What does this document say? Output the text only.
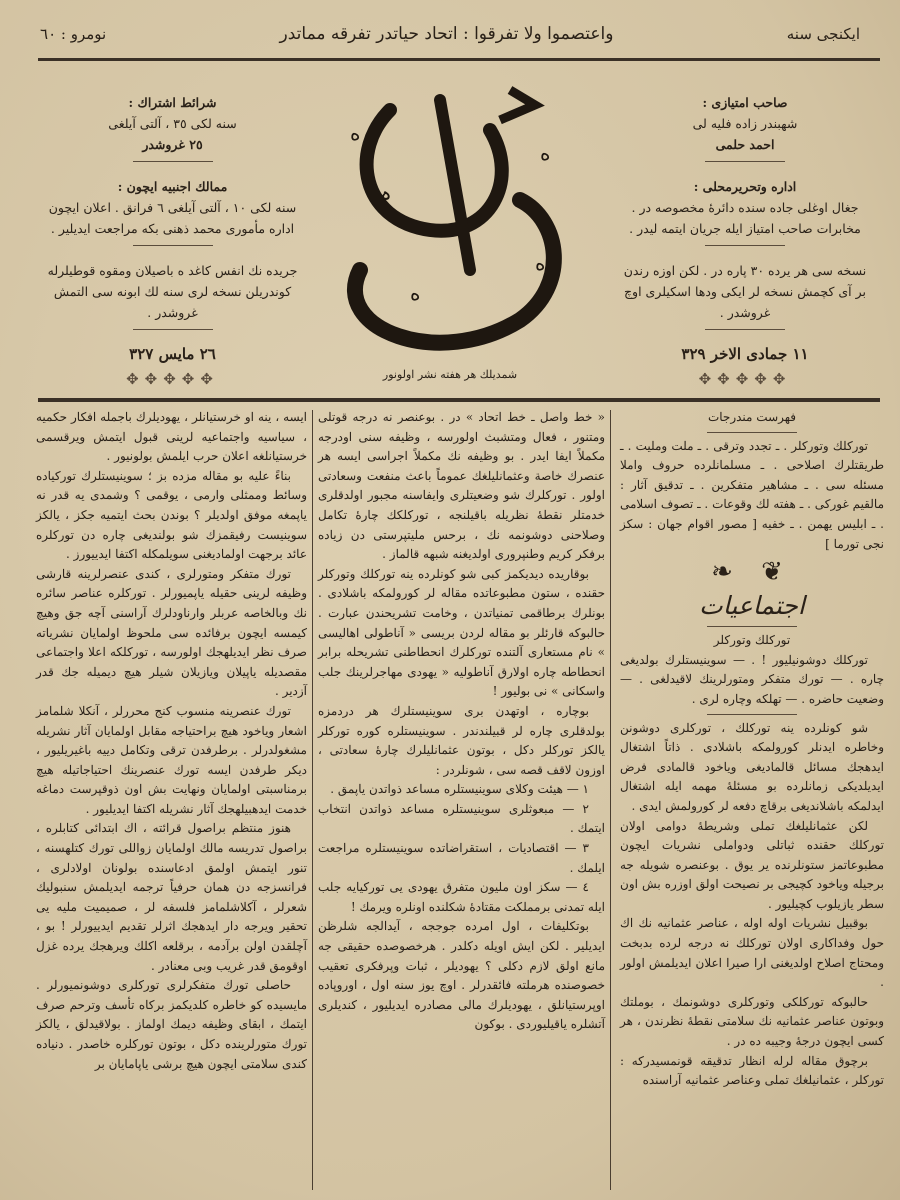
ایکنجی سنه
واعتصموا ولا تفرقوا : اتحاد حیاتدر تفرقه مماتدر
نومرو : ٦٠
صاحب امتیازی :
شهبندر زاده فلیه لی
احمد حلمی
اداره وتحریرمحلی :
جغال اوغلی جاده سنده دائرهٔ مخصوصه در .
مخابرات صاحب امتیاز ایله جریان ایتمه لیدر .
نسخه سی هر یرده ٣٠ پاره در . لکن اوزه رندن
بر آی کچمش نسخه لر ایکی ودها اسکیلری اوچ
غروشدر .
١١ جمادی الاخر ٣٢٩
✥✥✥✥✥
شرائط اشتراك :
سنه لکی ٣٥ ، آلتی آیلغی
٢٥ غروشدر
ممالك اجنبیه ایچون :
سنه لکی ١٠ ، آلتی آیلغی ٦ فرانق . اعلان ایچون
اداره مأموری محمد ذهنی بکه مراجعت ایدیلیر .
جریده نك انفس کاغد ه باصیلان ومقوه قوطیلرله
کوندریلن نسخه لری سنه لك ابونه سی التمش
غروشدر .
٢٦ مایس ٣٢٧
✥✥✥✥✥
ه
ه
ه
ه
ہ
شمدیلك هر هفته نشر اولونور

فهرست مندرجات

تورکلك وتورکلر . ـ تجدد وترقی . ـ ملت وملیت . ـ طریقتلرك اصلاحی . ـ مسلمانلرده حروف واملا مسئله سی . ـ مشاهیر متفکرین . ـ تدقیق آثار : مالقیم غورکی . ـ هفته لك وقوعات . ـ تصوف اسلامی . ـ ابلیس یهمن . ـ خفیه [ مصور اقوام جهان : سکز نجی تورما ]

❦ ❧
اجتماعیات

تورکلك وتورکلر

تورکلك دوشونیلیور ! . — سوینیستلرك بولدیغی چاره . — تورك متفکر ومتورلرینك لاقیدلغی . — وضعیت حاضره . — تهلکه وچاره لری .

شو کونلرده ینه تورکلك ، تورکلری دوشونن وخاطره ایدنلر کورولمکه باشلادی . ذاتاً اشتغال ایدهجك مسائل قالمادیغی ویاخود قالمادی فرض ایدیلدیکی زمانلرده بو مسئلهٔ مهمه ایله اشتغال ایدلمکه باشلاندیغی برقاچ دفعه لر کورولمش ایدی .

لکن عثمانلیلغك تملی وشریطهٔ دوامی اولان تورکلك حقنده ثباتلی ودواملی نشریات ایچون مطبوعاتمز ستونلرنده یر یوق . بوعنصره شویله جه برجیله ویاخود کچیجی بر نصیحت اولق اوزره بش اون سطر یازیلوب کچیلیور .

بوقبیل نشریات اوله اوله ، عناصر عثمانیه نك اك حول وفداکاری اولان تورکلك نه درجه لرده بدبخت ومحتاج اصلاح اولدیغنی ارا صیرا اعلان ایدیلمش اولور .

حالبوکه تورکلکی وتورکلری دوشونمك ، بوملتك وبوتون عناصر عثمانیه نك سلامتی نقطهٔ نظرندن ، هر کسی ایچون درجهٔ وجیبه ده در .

برچوق مقاله لرله انظار تدقیقه قونمسیدرکه : تورکلر ، عثمانیلغك تملی وعناصر عثمانیه آراسنده

« خط واصل ـ خط اتحاد » در . بوعنصر نه درجه قوتلی ومتنور ، فعال ومتشبث اولورسه ، وظیفه سنی اودرجه مکملاً ایفا ایدر . بو وظیفه نك مکملاً اجراسی ایسه هر عنصرك خاصة وعثمانلیلغك عموماً باعث منفعت وسعادتی اولور . تورکلرك شو وضعیتلری وایفاسنه مجبور اولدقلری خدمتلر نقطهٔ نظریله باقیلنجه ، تورکلکك چارهٔ تکامل وصلاحنی دوشونمه نك ، برحس ملیتپرستی دن زیاده برفکر کریم وطنپروری اولدیغنه شبهه قالماز .

بوقاریده دیدیکمز کبی شو کونلرده ینه تورکلك وتورکلر حقنده ، ستون مطبوعاتده مقاله لر کورولمکه باشلادی . بونلرك برطاقمی تمنیاتدن ، وخامت تشریحندن عبارت . حالبوکه قارئلر بو مقاله لردن بریسی « آناطولی اهالیسی » نام مستعاری آلتنده تورکلرك انحطاطنی تشریحله برابر انحطاطه چاره اولارق آناطولیه « یهودی مهاجرلرینك جلب واسکانی » نی بولیور !

بوچاره ، اوتهدن بری سوینیستلرك هر دردمزه بولدقلری چاره لر قبیلندندر . سوینیستلره کوره تورکلر یالکز تورکلر دکل ، بوتون عثمانلیلرك چارهٔ سعادتی ، اوزون لاقف قصه سی ، شونلردر :

١ — هیئت وکلای سوینیستلره مساعد ذواتدن یاپمق .

٢ — مبعوثلری سوینیستلره مساعد ذواتدن انتخاب ایتمك .

٣ — اقتصادیات ، استقراضاتده سوینیستلره مراجعت ایلمك .

٤ — سکز اون ملیون متفرق یهودی یی تورکیایه جلب ایله تمدنی برمملکت مقتادهٔ شکلنده اونلره ویرمك !

بوتکلیفات ، اول امرده جوججه ، آیدالجه شلرظن ایدیلیر . لکن ایش اویله دکلدر . هرخصوصده حقیقی جه مانع اولق لازم دکلی ؟ یهودیلر ، ثبات وپرفکری تعقیب خصوصنده هرملته فائقدرلر . اوچ یوز سنه اول ، اوروپاده اوپرستیانلق ، یهودیلرك مالی مصادره ایدیلیور ، کندیلری آتشلره یاقیلیوردی . بوکون

ایسه ، ینه او خرستیانلر ، یهودیلرك باجمله افکار حکمیه ، سیاسیه واجتماعیه لرینی قبول ایتمش ویرقسمی خرستیانلغه اعلان حرب ایلمش بولونیور .

بناءً علیه بو مقاله مزده بز ؛ سوینیستلرك تورکیاده وسائط وممثلی وارمی ، یوقمی ؟ وشمدی یه قدر نه یاپمغه موفق اولدیلر ؟ بوندن بحث ایتمیه جکز ، یالکز سوینیست رفیقمزك شو بولندیغی چاره دن تورکلره عائد برجهت اولمادیغنی سویلمکله اکتفا ایدییورز .

تورك متفکر ومتورلری ، کندی عنصرلرینه قارشی وظیفه لرینی حقیله یاپمیورلر . تورکلره عناصر سائره نك وبالخاصه عربلر وارناودلرك آراسنی آچه جق وهیچ کیمسه ایچون برفائده سی ملحوظ اولمایان نشریاته صرف نظر ایدیلهجك اولورسه ، تورکلکه اعلا واجتماعی مقصدیله یاپیلان ویازیلان شیلر هیچ دیمیله جك قدر آزدیر .

تورك عنصرینه منسوب کنج محررلر ، آنکلا شلمامز اشعار ویاخود هیچ براحتیاجه مقابل اولمایان آثار نشریله مشغولدرلر . برطرفدن ترقی وتکامل دییه باغیریلیور ، دیکر طرفدن ایسه تورك عنصرینك احتیاجاتیله هیچ برمناسبتی اولمایان ونهایت بش اون ذوقپرست دماغه خدمت ایدهبیلهجك آثار نشریله اکتفا ایدیلیور .

هنوز منتظم براصول قرائته ، اك ابتدائی کتابلره ، براصول تدریسه مالك اولمایان زواللی تورك کتلهسنه ، تنور ایتمش اولمق ادعاسنده بولونان اولادلری ، فرانسزجه دن همان حرفیاً ترجمه ایدیلمش سنبولیك شعرلر ، آکلاشلمامز فلسفه لر ، صمیمیت ملیه یی تحقیر ویرجه دار ایدهجك اثرلر تقدیم ایدییورلر ! بو ، آچلقدن اولن برآدمه ، برقلعه اکلك ویرهجك یرده غزل اوقومق قدر غریب وبی معنادر .

حاصلی تورك متفکرلری تورکلری دوشونمیورلر . مایسیده کو خاطره کلدیکمز برکاه تأسف وترحم صرف ایتمك ، ابقای وظیفه دیمك اولماز . بولاقیدلق ، یالکز تورك متورلرینده دکل ، بوتون تورکلره خاصدر . دنیاده کندی سلامتی ایچون هیچ برشی یاپامایان بر
